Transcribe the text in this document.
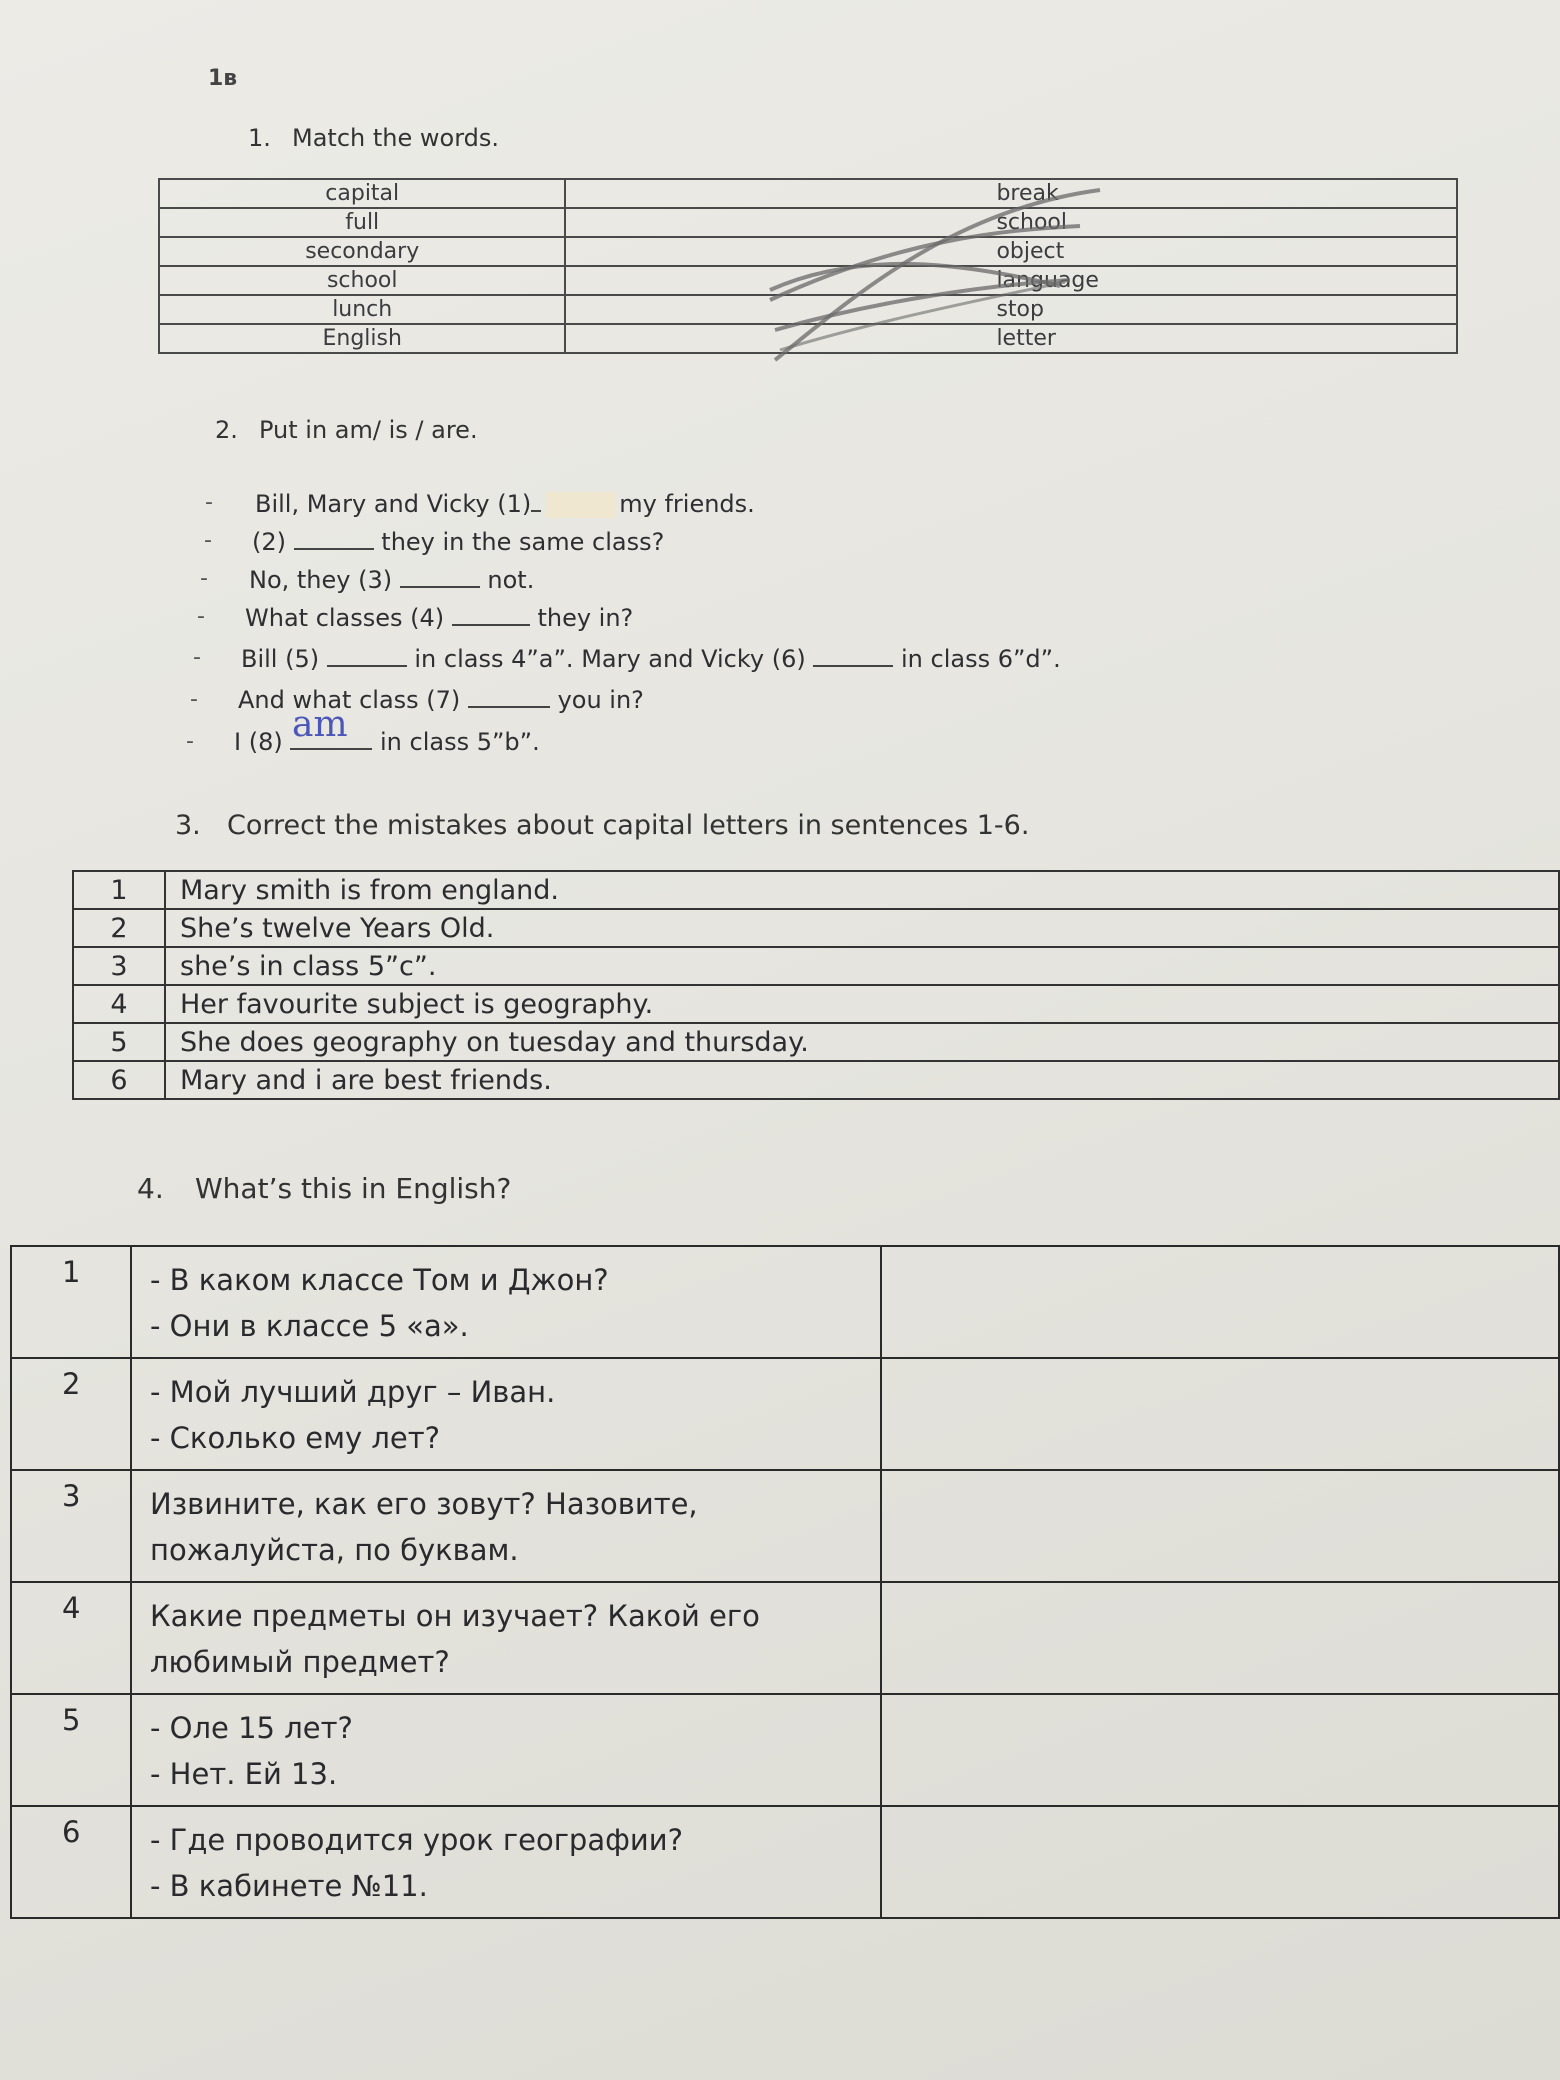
1в
1. Match the words.
capital	break
full	school
secondary	object
school	language
lunch	stop
English	letter
2. Put in am/ is / are.
- Bill, Mary and Vicky (1)	my friends.
- (2)	they in the same class?
- No, they (3)	not.
- What classes (4)	they in?
- Bill (5)	in class 4”a”. Mary and Vicky (6)	in class 6”d”.
- And what class (7)	you in?
- I (8)	in class 5”b”.
am
3. Correct the mistakes about capital letters in sentences 1-6.
1	Mary smith is from england.
2	She’s twelve Years Old.
3	she’s in class 5”c”.
4	Her favourite subject is geography.
5	She does geography on tuesday and thursday.
6	Mary and i are best friends.
4. What’s this in English?
1	- В каком классе Том и Джон?
- Они в классе 5 «а».	

2	- Мой лучший друг – Иван.
- Сколько ему лет?	

3	Извините, как его зовут? Назовите,
пожалуйста, по буквам.	

4	Какие предметы он изучает? Какой его
любимый предмет?	

5	- Оле 15 лет?
- Нет. Ей 13.	

6	- Где проводится урок географии?
- В кабинете №11.	
